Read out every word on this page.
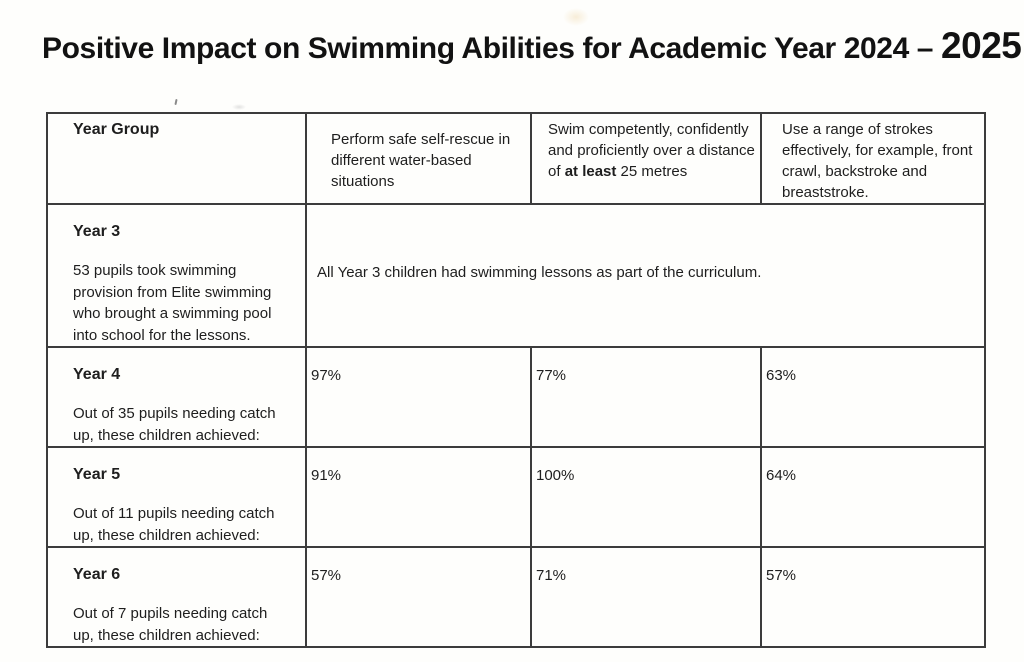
Positive Impact on Swimming Abilities for Academic Year 2024 – 2025
Year Group	Perform safe self-rescue in different water-based situations	Swim competently, confidently and proficiently over a distance of at least 25 metres	Use a range of strokes effectively, for example, front crawl, backstroke and breaststroke.

Year 3

53 pupils took swimming provision from Elite swimming who brought a swimming pool into school for the lessons.	All Year 3 children had swimming lessons as part of the curriculum.		

Year 4

Out of 35 pupils needing catch up, these children achieved:	97%	77%	63%

Year 5

Out of 11 pupils needing catch up, these children achieved:	91%	100%	64%

Year 6

Out of 7 pupils needing catch up, these children achieved:	57%	71%	57%
